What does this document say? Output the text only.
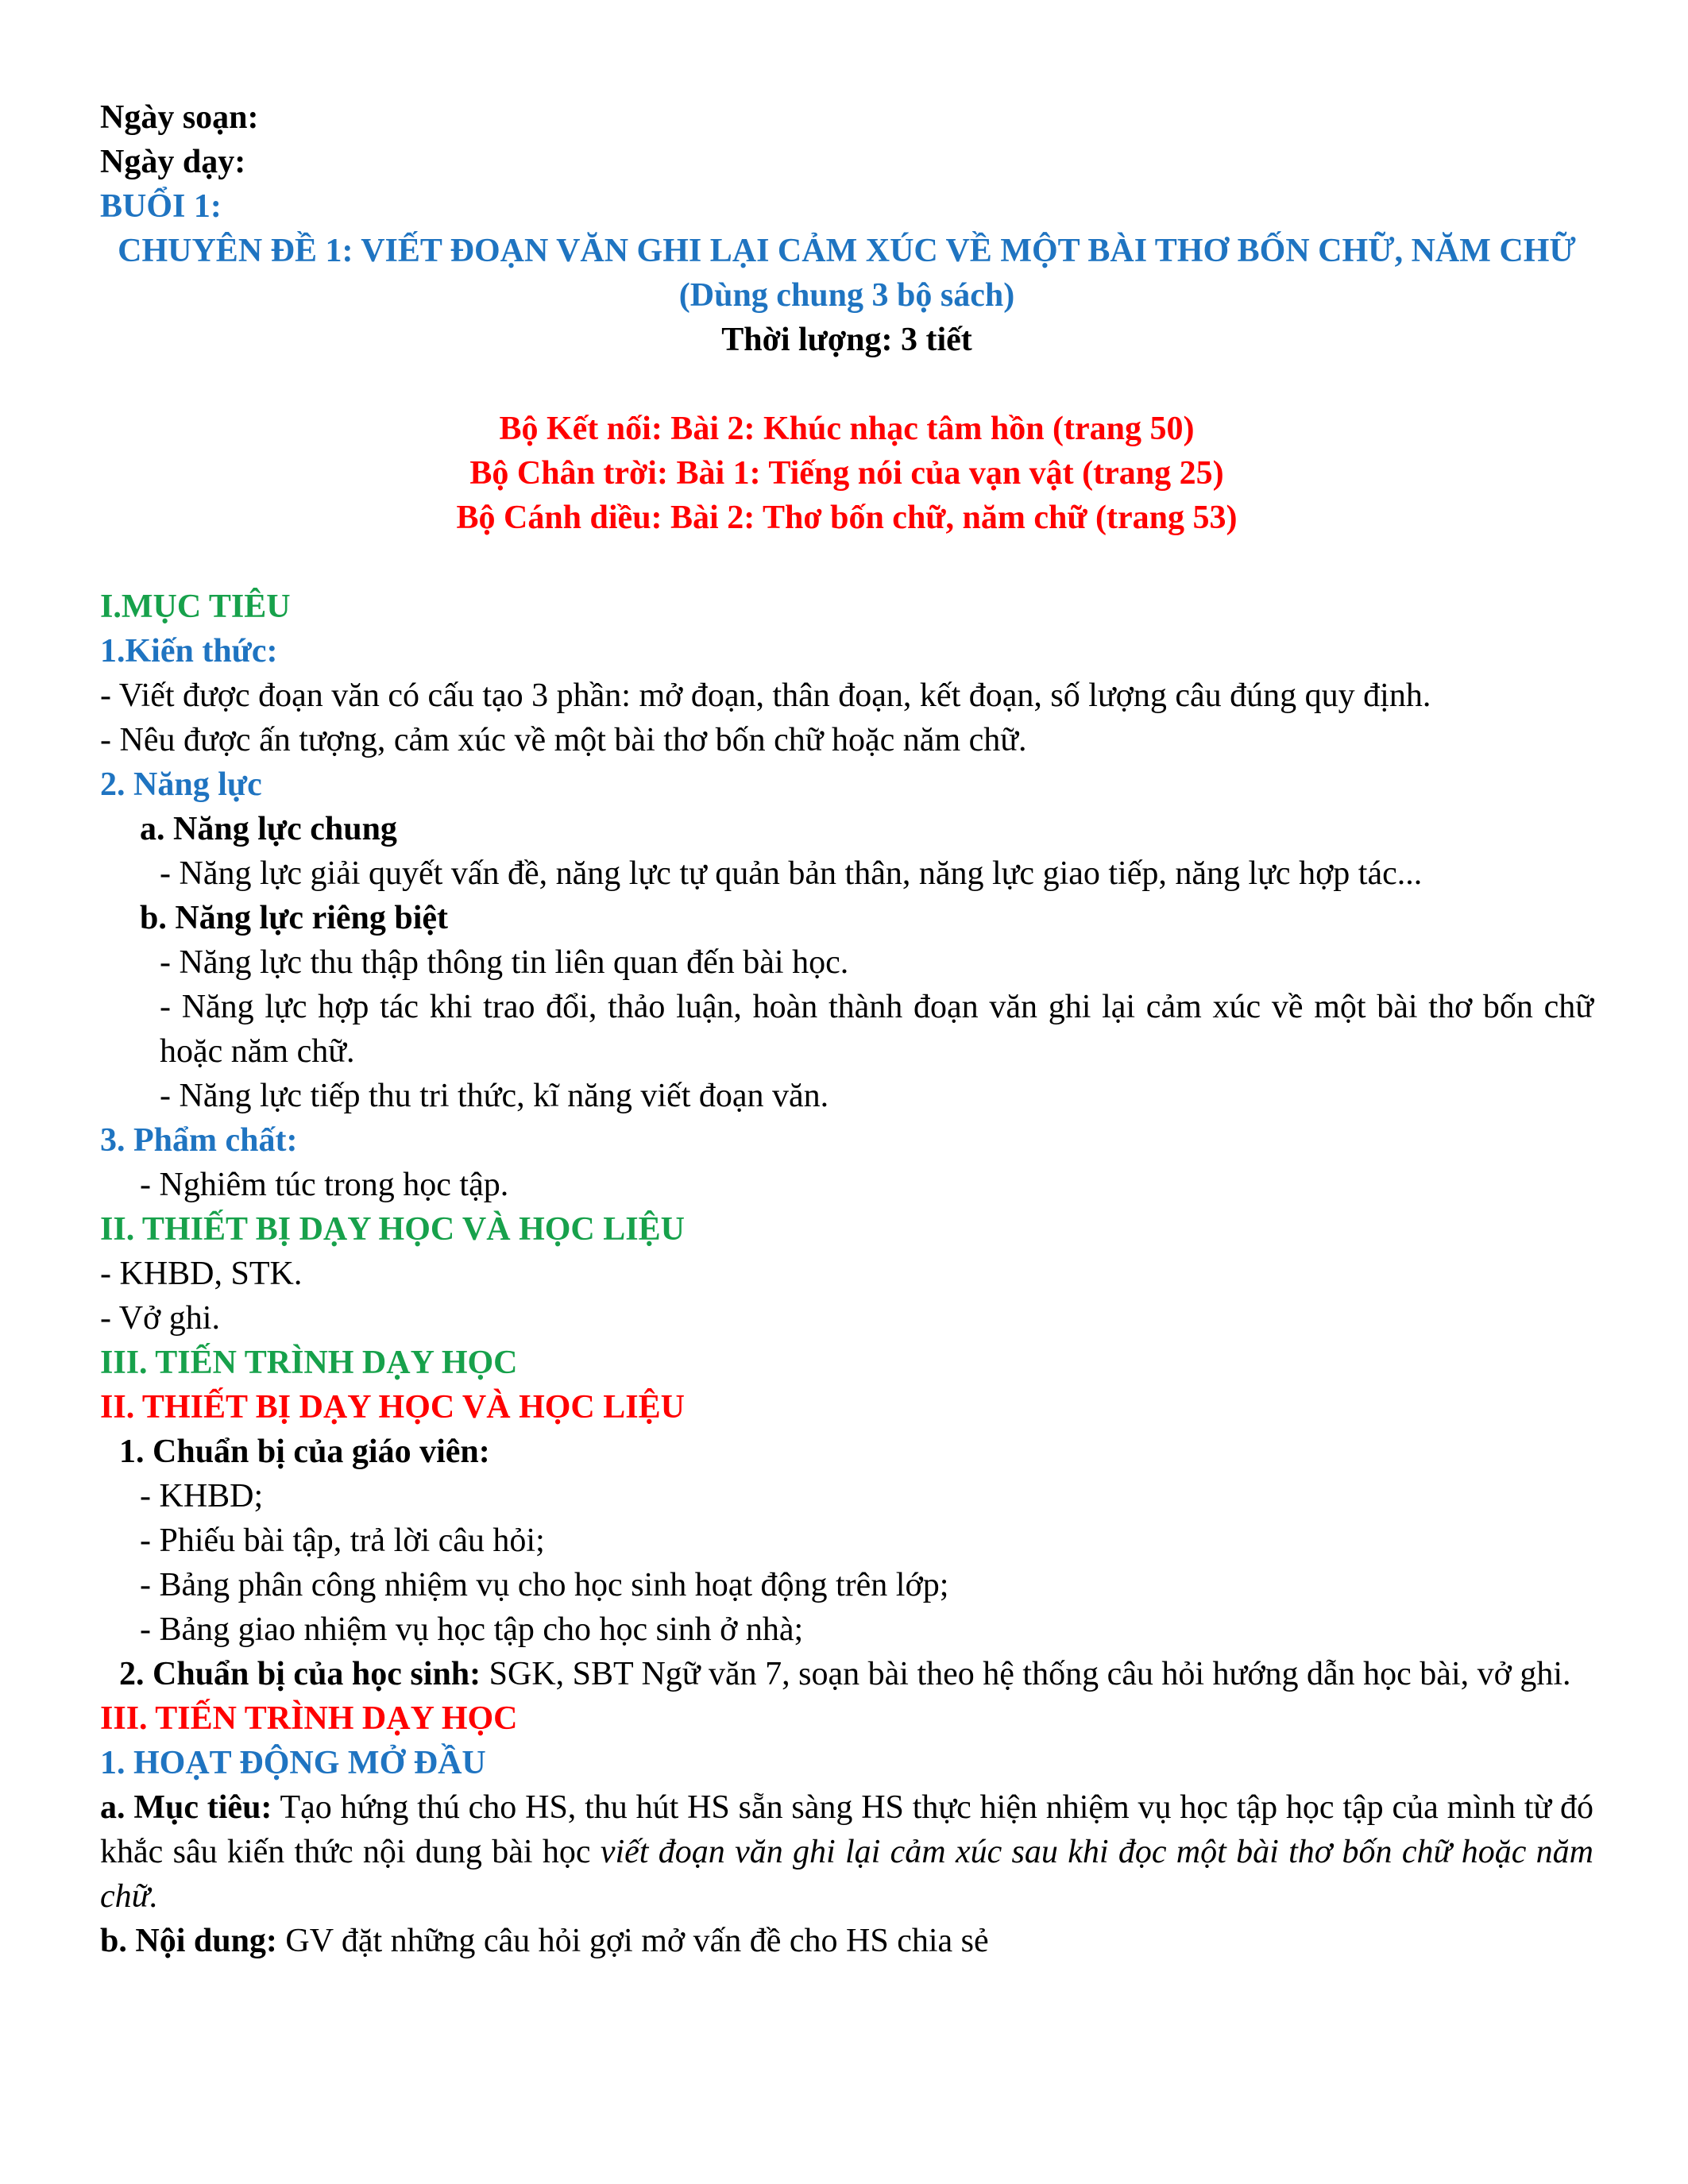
Ngày soạn:

Ngày dạy:

BUỔI 1:

CHUYÊN ĐỀ 1: VIẾT ĐOẠN VĂN GHI LẠI CẢM XÚC VỀ MỘT BÀI THƠ BỐN CHỮ, NĂM CHỮ

(Dùng chung 3 bộ sách)

Thời lượng: 3 tiết

Bộ Kết nối: Bài 2: Khúc nhạc tâm hồn (trang 50)

Bộ Chân trời: Bài 1: Tiếng nói của vạn vật (trang 25)

Bộ Cánh diều: Bài 2: Thơ bốn chữ, năm chữ (trang 53)

I.MỤC TIÊU

1.Kiến thức:

- Viết được đoạn văn có cấu tạo 3 phần: mở đoạn, thân đoạn, kết đoạn, số lượng câu đúng quy định.

- Nêu được ấn tượng, cảm xúc về một bài thơ bốn chữ hoặc năm chữ.

2. Năng lực

a. Năng lực chung

- Năng lực giải quyết vấn đề, năng lực tự quản bản thân, năng lực giao tiếp, năng lực hợp tác...

b. Năng lực riêng biệt

- Năng lực thu thập thông tin liên quan đến bài học.

- Năng lực hợp tác khi trao đổi, thảo luận, hoàn thành đoạn văn ghi lại cảm xúc về một bài thơ bốn chữ hoặc năm chữ.

- Năng lực tiếp thu tri thức, kĩ năng viết đoạn văn.

3. Phẩm chất:

- Nghiêm túc trong học tập.

II. THIẾT BỊ DẠY HỌC VÀ HỌC LIỆU

- KHBD, STK.

- Vở ghi.

III. TIẾN TRÌNH DẠY HỌC

II. THIẾT BỊ DẠY HỌC VÀ HỌC LIỆU

1. Chuẩn bị của giáo viên:

- KHBD;

- Phiếu bài tập, trả lời câu hỏi;

- Bảng phân công nhiệm vụ cho học sinh hoạt động trên lớp;

- Bảng giao nhiệm vụ học tập cho học sinh ở nhà;

2. Chuẩn bị của học sinh: SGK, SBT Ngữ văn 7, soạn bài theo hệ thống câu hỏi hướng dẫn học bài, vở ghi.

III. TIẾN TRÌNH DẠY HỌC

1. HOẠT ĐỘNG MỞ ĐẦU

a. Mục tiêu: Tạo hứng thú cho HS, thu hút HS sẵn sàng HS thực hiện nhiệm vụ học tập học tập của mình từ đó khắc sâu kiến thức nội dung bài học viết đoạn văn ghi lại cảm xúc sau khi đọc một bài thơ bốn chữ hoặc năm chữ.

b. Nội dung: GV đặt những câu hỏi gợi mở vấn đề cho HS chia sẻ
